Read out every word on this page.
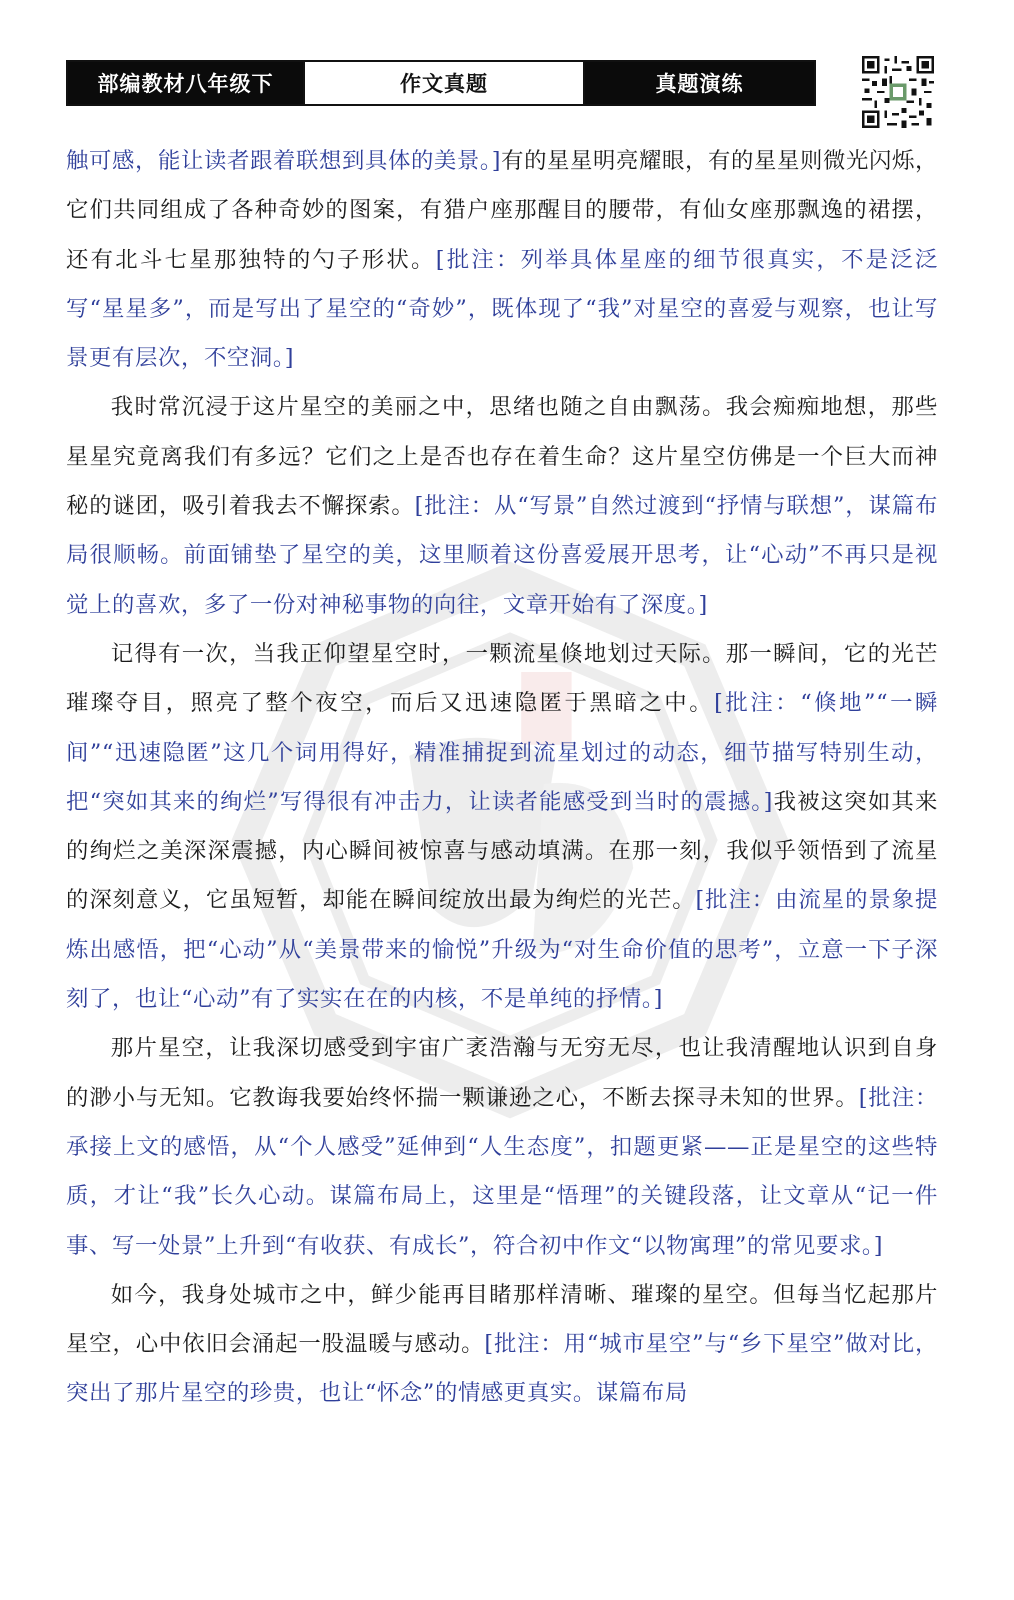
部编教材八年级下	作文真题	真题演练

触可感，能让读者跟着联想到具体的美景。]有的星星明亮耀眼，有的星星则微光闪烁，它们共同组成了各种奇妙的图案，有猎户座那醒目的腰带，有仙女座那飘逸的裙摆，还有北斗七星那独特的勺子形状。[批注：列举具体星座的细节很真实，不是泛泛写“星星多”，而是写出了星空的“奇妙”，既体现了“我”对星空的喜爱与观察，也让写景更有层次，不空洞。]

我时常沉浸于这片星空的美丽之中，思绪也随之自由飘荡。我会痴痴地想，那些星星究竟离我们有多远？它们之上是否也存在着生命？这片星空仿佛是一个巨大而神秘的谜团，吸引着我去不懈探索。[批注：从“写景”自然过渡到“抒情与联想”，谋篇布局很顺畅。前面铺垫了星空的美，这里顺着这份喜爱展开思考，让“心动”不再只是视觉上的喜欢，多了一份对神秘事物的向往，文章开始有了深度。]

记得有一次，当我正仰望星空时，一颗流星倏地划过天际。那一瞬间，它的光芒璀璨夺目，照亮了整个夜空，而后又迅速隐匿于黑暗之中。[批注：“倏地”“一瞬间”“迅速隐匿”这几个词用得好，精准捕捉到流星划过的动态，细节描写特别生动，把“突如其来的绚烂”写得很有冲击力，让读者能感受到当时的震撼。]我被这突如其来的绚烂之美深深震撼，内心瞬间被惊喜与感动填满。在那一刻，我似乎领悟到了流星的深刻意义，它虽短暂，却能在瞬间绽放出最为绚烂的光芒。[批注：由流星的景象提炼出感悟，把“心动”从“美景带来的愉悦”升级为“对生命价值的思考”，立意一下子深刻了，也让“心动”有了实实在在的内核，不是单纯的抒情。]

那片星空，让我深切感受到宇宙广袤浩瀚与无穷无尽，也让我清醒地认识到自身的渺小与无知。它教诲我要始终怀揣一颗谦逊之心，不断去探寻未知的世界。[批注：承接上文的感悟，从“个人感受”延伸到“人生态度”，扣题更紧——正是星空的这些特质，才让“我”长久心动。谋篇布局上，这里是“悟理”的关键段落，让文章从“记一件事、写一处景”上升到“有收获、有成长”，符合初中作文“以物寓理”的常见要求。]

如今，我身处城市之中，鲜少能再目睹那样清晰、璀璨的星空。但每当忆起那片星空，心中依旧会涌起一股温暖与感动。[批注：用“城市星空”与“乡下星空”做对比，突出了那片星空的珍贵，也让“怀念”的情感更真实。谋篇布局
